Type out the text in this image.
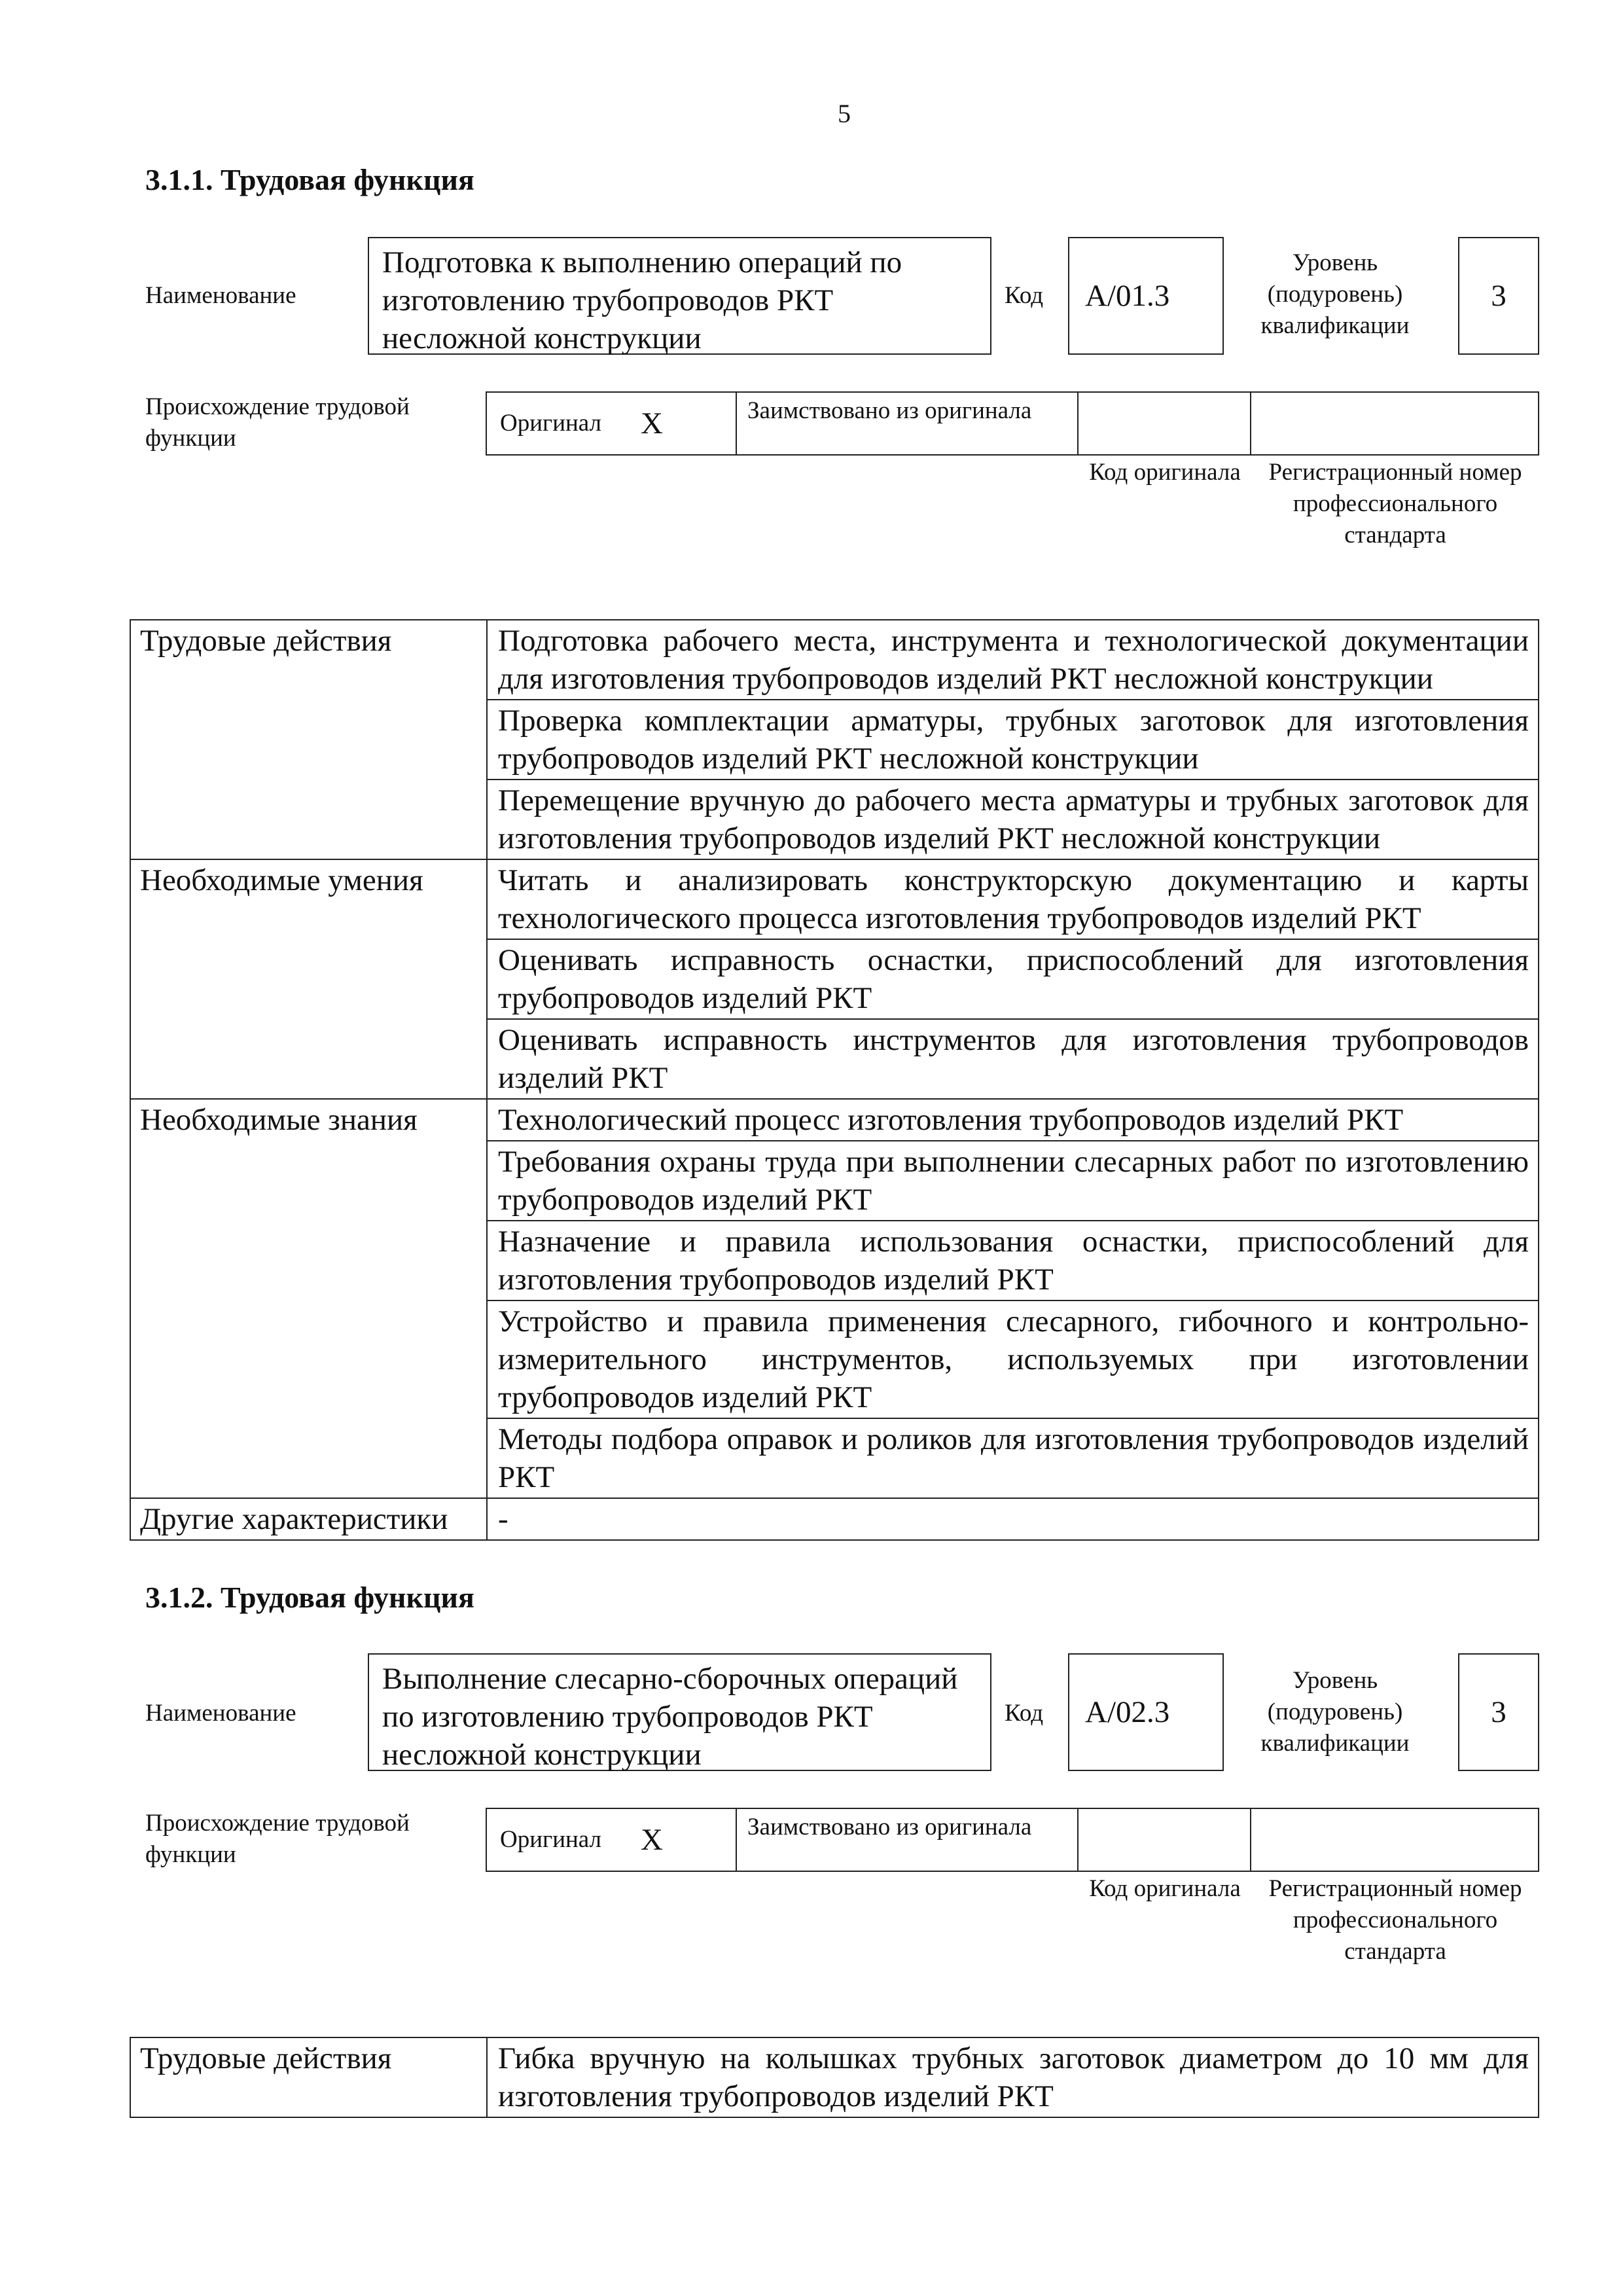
5
3.1.1. Трудовая функция
Наименование
Подготовка к выполнению операций по изготовлению трубопроводов РКТ несложной конструкции
Код А/01.3
Уровень (подуровень) квалификации
3
Происхождение трудовой функции
Оригинал X	Заимствовано из оригинала
Код оригинала	Регистрационный номер профессионального стандарта
Трудовые действия	Подготовка рабочего места, инструмента и технологической документации для изготовления трубопроводов изделий РКТ несложной конструкции
	Проверка комплектации арматуры, трубных заготовок для изготовления трубопроводов изделий РКТ несложной конструкции
	Перемещение вручную до рабочего места арматуры и трубных заготовок для изготовления трубопроводов изделий РКТ несложной конструкции
Необходимые умения	Читать и анализировать конструкторскую документацию и карты технологического процесса изготовления трубопроводов изделий РКТ
	Оценивать исправность оснастки, приспособлений для изготовления трубопроводов изделий РКТ
	Оценивать исправность инструментов для изготовления трубопроводов изделий РКТ
Необходимые знания	Технологический процесс изготовления трубопроводов изделий РКТ
	Требования охраны труда при выполнении слесарных работ по изготовлению трубопроводов изделий РКТ
	Назначение и правила использования оснастки, приспособлений для изготовления трубопроводов изделий РКТ
	Устройство и правила применения слесарного, гибочного и контрольно-измерительного инструментов, используемых при изготовлении трубопроводов изделий РКТ
	Методы подбора оправок и роликов для изготовления трубопроводов изделий РКТ
Другие характеристики	-
3.1.2. Трудовая функция
Наименование
Выполнение слесарно-сборочных операций по изготовлению трубопроводов РКТ несложной конструкции
Код А/02.3
Уровень (подуровень) квалификации
3
Происхождение трудовой функции
Оригинал X	Заимствовано из оригинала
Код оригинала	Регистрационный номер профессионального стандарта
Трудовые действия	Гибка вручную на колышках трубных заготовок диаметром до 10 мм для изготовления трубопроводов изделий РКТ
